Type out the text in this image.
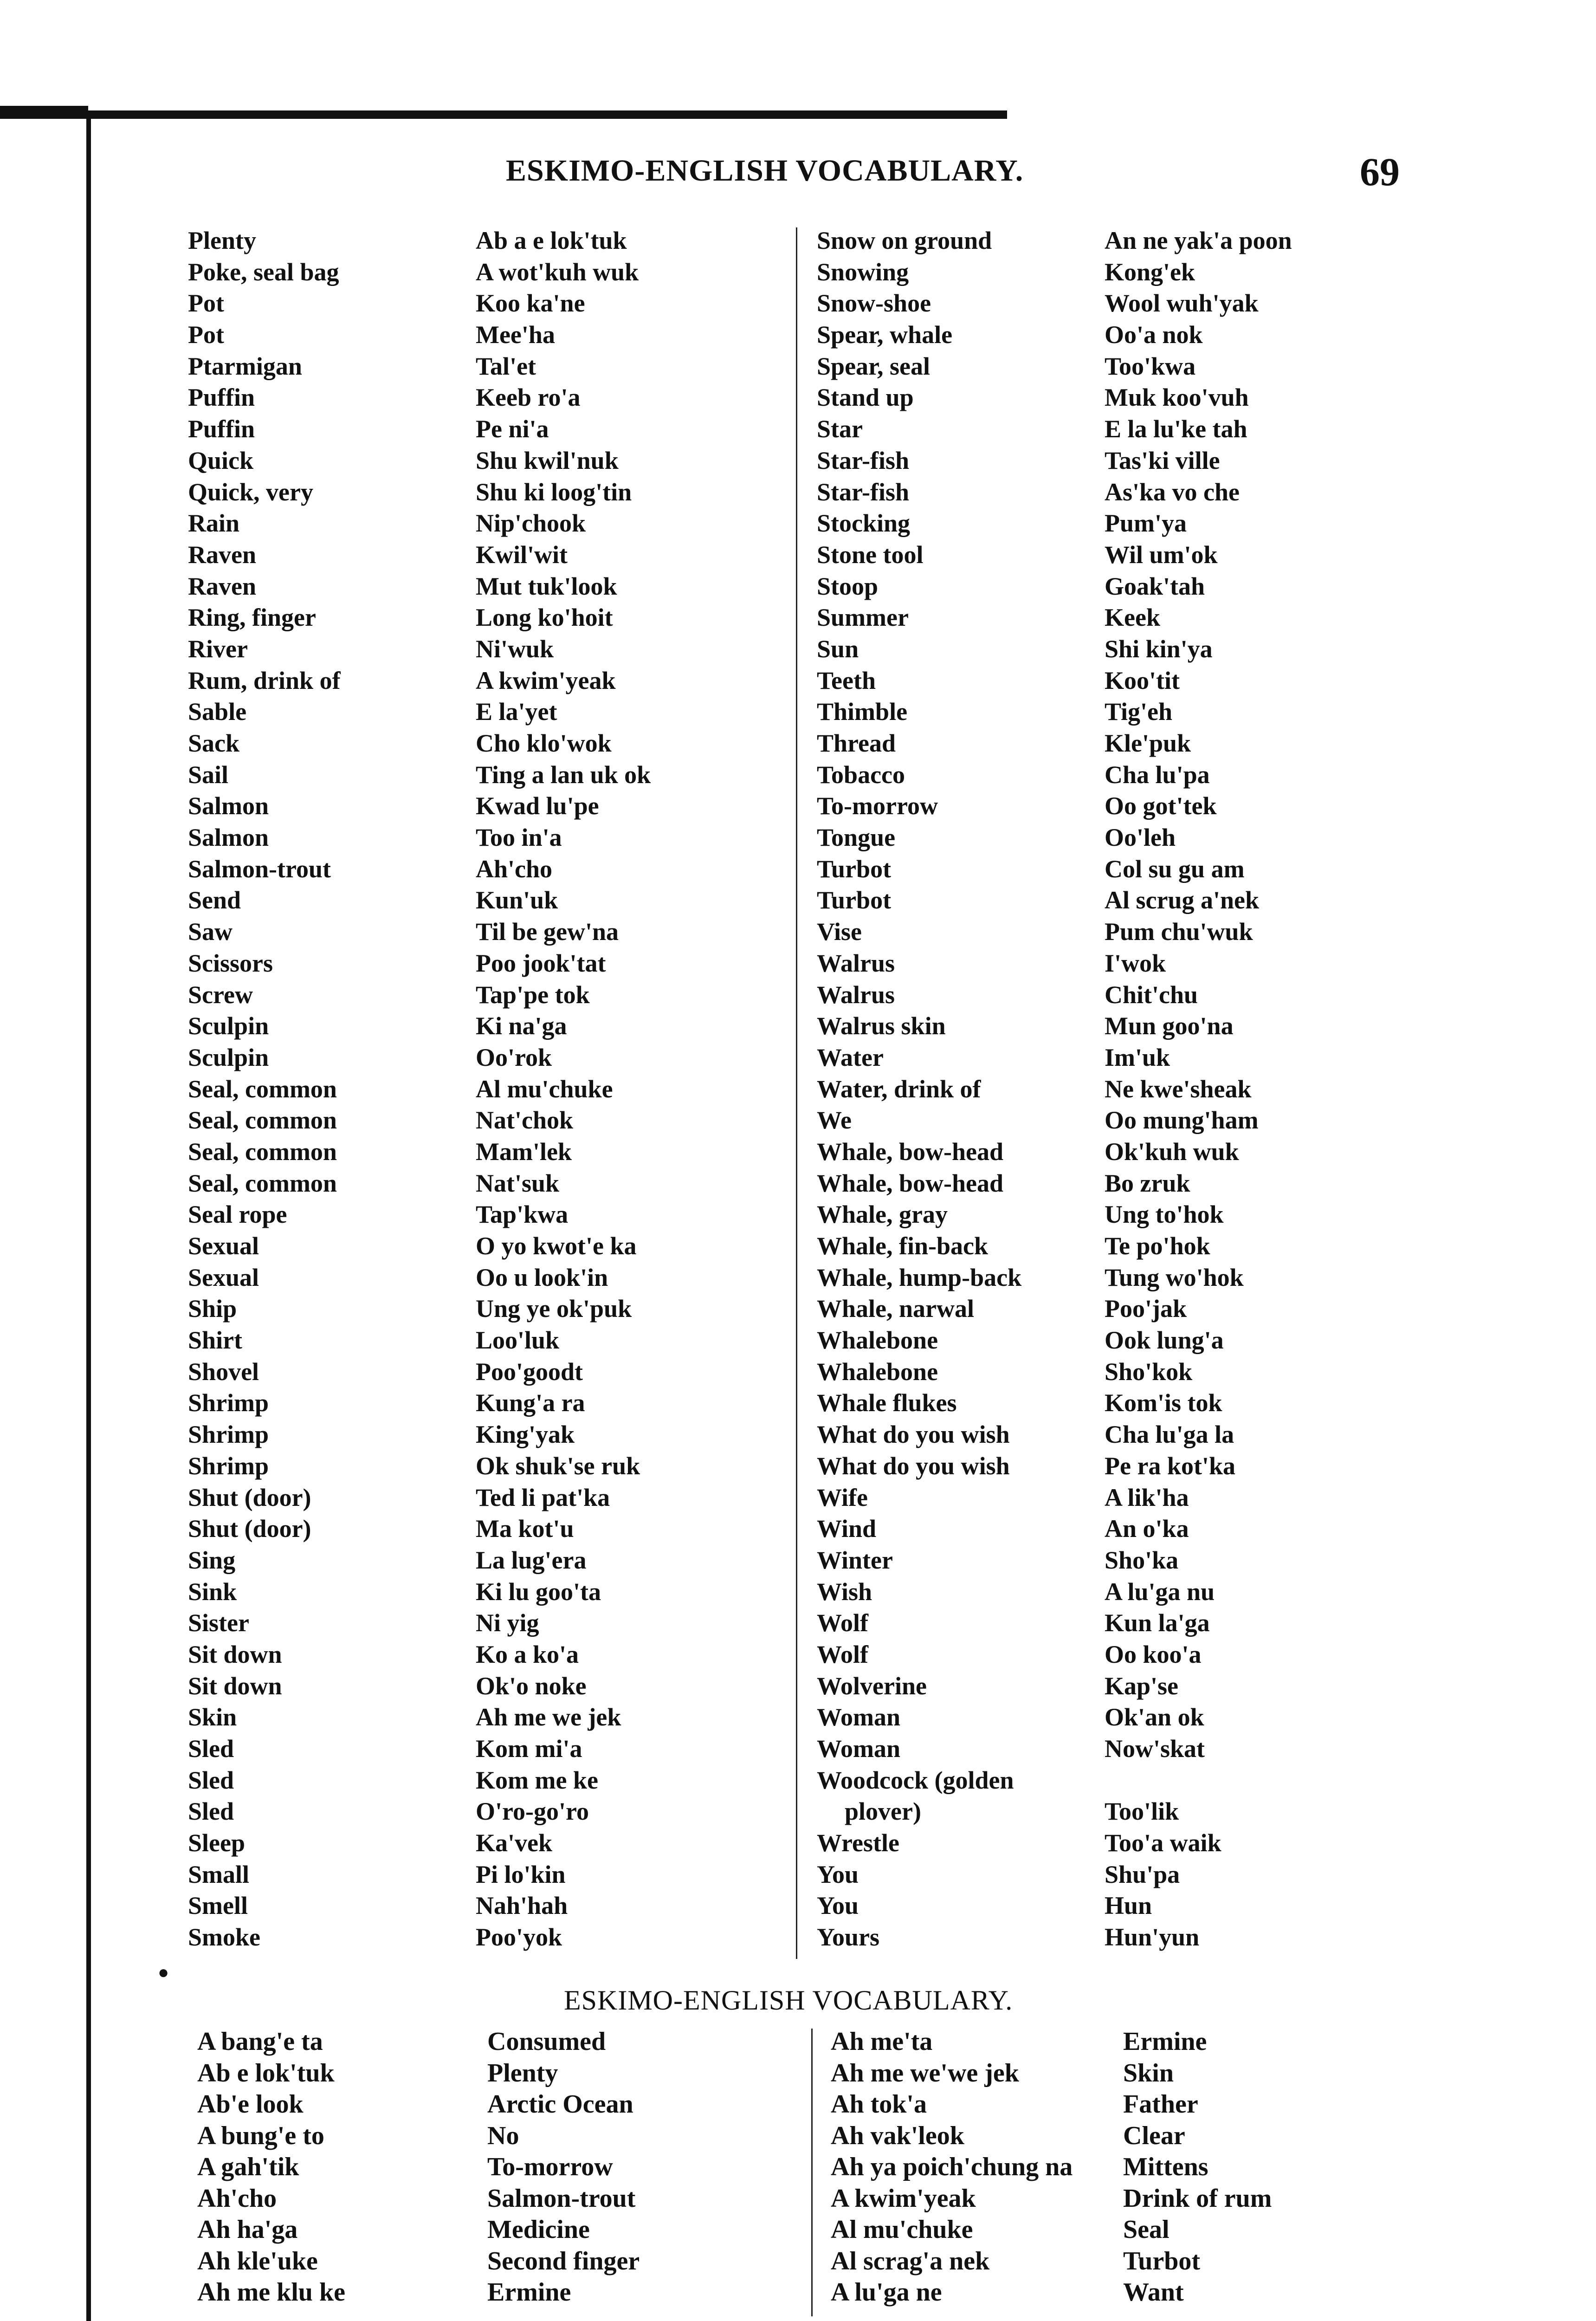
ESKIMO-ENGLISH VOCABULARY.	69
Plenty
Poke, seal bag
Pot
Pot
Ptarmigan
Puffin
Puffin
Quick
Quick, very
Rain
Raven
Raven
Ring, finger
River
Rum, drink of
Sable
Sack
Sail
Salmon
Salmon
Salmon-trout
Send
Saw
Scissors
Screw
Sculpin
Sculpin
Seal, common
Seal, common
Seal, common
Seal, common
Seal rope
Sexual
Sexual
Ship
Shirt
Shovel
Shrimp
Shrimp
Shrimp
Shut (door)
Shut (door)
Sing
Sink
Sister
Sit down
Sit down
Skin
Sled
Sled
Sled
Sleep
Small
Smell
Smoke
Ab a e lok'tuk
A wot'kuh wuk
Koo ka'ne
Mee'ha
Tal'et
Keeb ro'a
Pe ni'a
Shu kwil'nuk
Shu ki loog'tin
Nip'chook
Kwil'wit
Mut tuk'look
Long ko'hoit
Ni'wuk
A kwim'yeak
E la'yet
Cho klo'wok
Ting a lan uk ok
Kwad lu'pe
Too in'a
Ah'cho
Kun'uk
Til be gew'na
Poo jook'tat
Tap'pe tok
Ki na'ga
Oo'rok
Al mu'chuke
Nat'chok
Mam'lek
Nat'suk
Tap'kwa
O yo kwot'e ka
Oo u look'in
Ung ye ok'puk
Loo'luk
Poo'goodt
Kung'a ra
King'yak
Ok shuk'se ruk
Ted li pat'ka
Ma kot'u
La lug'era
Ki lu goo'ta
Ni yig
Ko a ko'a
Ok'o noke
Ah me we jek
Kom mi'a
Kom me ke
O'ro-go'ro
Ka'vek
Pi lo'kin
Nah'hah
Poo'yok
Snow on ground
Snowing
Snow-shoe
Spear, whale
Spear, seal
Stand up
Star
Star-fish
Star-fish
Stocking
Stone tool
Stoop
Summer
Sun
Teeth
Thimble
Thread
Tobacco
To-morrow
Tongue
Turbot
Turbot
Vise
Walrus
Walrus
Walrus skin
Water
Water, drink of
We
Whale, bow-head
Whale, bow-head
Whale, gray
Whale, fin-back
Whale, hump-back
Whale, narwal
Whalebone
Whalebone
Whale flukes
What do you wish
What do you wish
Wife
Wind
Winter
Wish
Wolf
Wolf
Wolverine
Woman
Woman
Woodcock (golden
plover)
Wrestle
You
You
Yours
An ne yak'a poon
Kong'ek
Wool wuh'yak
Oo'a nok
Too'kwa
Muk koo'vuh
E la lu'ke tah
Tas'ki ville
As'ka vo che
Pum'ya
Wil um'ok
Goak'tah
Keek
Shi kin'ya
Koo'tit
Tig'eh
Kle'puk
Cha lu'pa
Oo got'tek
Oo'leh
Col su gu am
Al scrug a'nek
Pum chu'wuk
I'wok
Chit'chu
Mun goo'na
Im'uk
Ne kwe'sheak
Oo mung'ham
Ok'kuh wuk
Bo zruk
Ung to'hok
Te po'hok
Tung wo'hok
Poo'jak
Ook lung'a
Sho'kok
Kom'is tok
Cha lu'ga la
Pe ra kot'ka
A lik'ha
An o'ka
Sho'ka
A lu'ga nu
Kun la'ga
Oo koo'a
Kap'se
Ok'an ok
Now'skat
Too'lik
Too'a waik
Shu'pa
Hun
Hun'yun
●
ESKIMO-ENGLISH VOCABULARY.
A bang'e ta
Ab e lok'tuk
Ab'e look
A bung'e to
A gah'tik
Ah'cho
Ah ha'ga
Ah kle'uke
Ah me klu ke
Consumed
Plenty
Arctic Ocean
No
To-morrow
Salmon-trout
Medicine
Second finger
Ermine
Ah me'ta
Ah me we'we jek
Ah tok'a
Ah vak'leok
Ah ya poich'chung na
A kwim'yeak
Al mu'chuke
Al scrag'a nek
A lu'ga ne
Ermine
Skin
Father
Clear
Mittens
Drink of rum
Seal
Turbot
Want
